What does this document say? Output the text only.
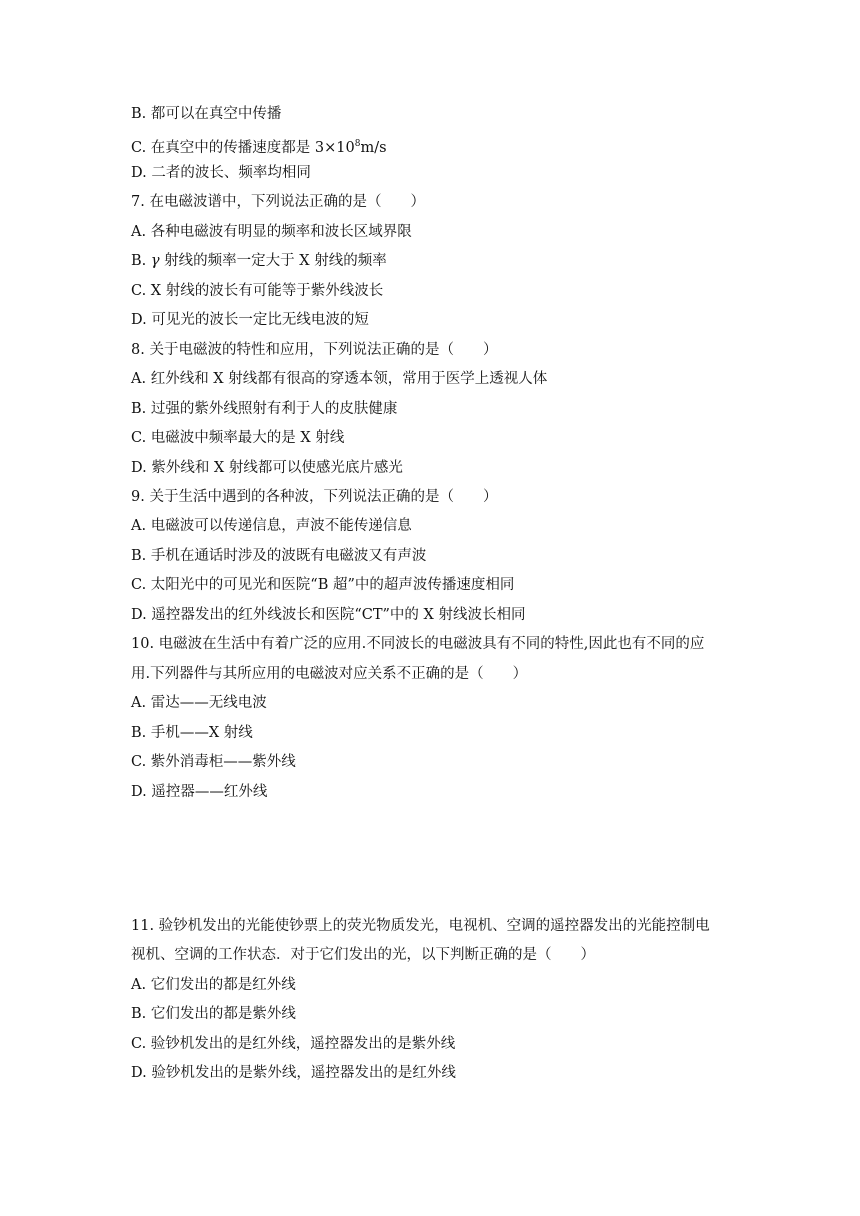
B. 都可以在真空中传播
C. 在真空中的传播速度都是 $3\times 10^8m/s$
D. 二者的波长、频率均相同
7. 在电磁波谱中，下列说法正确的是（　　）
A. 各种电磁波有明显的频率和波长区域界限
B. γ 射线的频率一定大于 X 射线的频率
C. X 射线的波长有可能等于紫外线波长
D. 可见光的波长一定比无线电波的短
8. 关于电磁波的特性和应用，下列说法正确的是（　　）
A. 红外线和 X 射线都有很高的穿透本领，常用于医学上透视人体
B. 过强的紫外线照射有利于人的皮肤健康
C. 电磁波中频率最大的是 X 射线
D. 紫外线和 X 射线都可以使感光底片感光
9. 关于生活中遇到的各种波，下列说法正确的是（　　）
A. 电磁波可以传递信息，声波不能传递信息
B. 手机在通话时涉及的波既有电磁波又有声波
C. 太阳光中的可见光和医院“B 超”中的超声波传播速度相同
D. 遥控器发出的红外线波长和医院“CT”中的 X 射线波长相同
10. 电磁波在生活中有着广泛的应用.不同波长的电磁波具有不同的特性,因此也有不同的应
用.下列器件与其所应用的电磁波对应关系不正确的是（　　）
A. 雷达——无线电波
B. 手机——X 射线
C. 紫外消毒柜——紫外线
D. 遥控器——红外线
11. 验钞机发出的光能使钞票上的荧光物质发光，电视机、空调的遥控器发出的光能控制电
视机、空调的工作状态．对于它们发出的光，以下判断正确的是（　　）
A. 它们发出的都是红外线
B. 它们发出的都是紫外线
C. 验钞机发出的是红外线，遥控器发出的是紫外线
D. 验钞机发出的是紫外线，遥控器发出的是红外线
